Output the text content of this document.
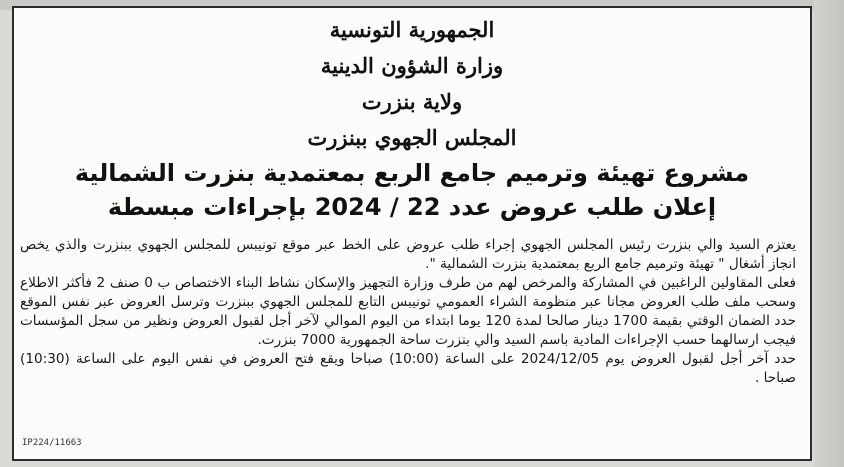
الجمهورية التونسية
وزارة الشؤون الدينية
ولاية بنزرت
المجلس الجهوي ببنزرت
مشروع تهيئة وترميم جامع الربع بمعتمدية بنزرت الشمالية
إعلان طلب عروض عدد 22 / 2024 بإجراءات مبسطة

يعتزم السيد والي بنزرت رئيس المجلس الجهوي إجراء طلب عروض على الخط عبر موقع تونيبس للمجلس الجهوي ببنزرت والذي يخص انجاز أشغال " تهيئة وترميم جامع الربع بمعتمدية بنزرت الشمالية ".

فعلى المقاولين الراغبين في المشاركة والمرخص لهم من طرف وزارة التجهيز والإسكان نشاط البناء الاختصاص ب 0 صنف 2 فأكثر الاطلاع وسحب ملف طلب العروض مجانا عبر منظومة الشراء العمومي تونيبس التابع للمجلس الجهوي ببنزرت وترسل العروض عبر نفس الموقع حدد الضمان الوقتي بقيمة 1700 دينار صالحا لمدة 120 يوما ابتداء من اليوم الموالي لآخر أجل لقبول العروض ونظير من سجل المؤسسات فيجب ارسالهما حسب الإجراءات المادية باسم السيد والي بنزرت ساحة الجمهورية 7000 بنزرت.

حدد آخر أجل لقبول العروض يوم 2024/12/05 على الساعة (10:00) صباحا ويقع فتح العروض في نفس اليوم على الساعة (10:30) صباحا .

IP224/11663
